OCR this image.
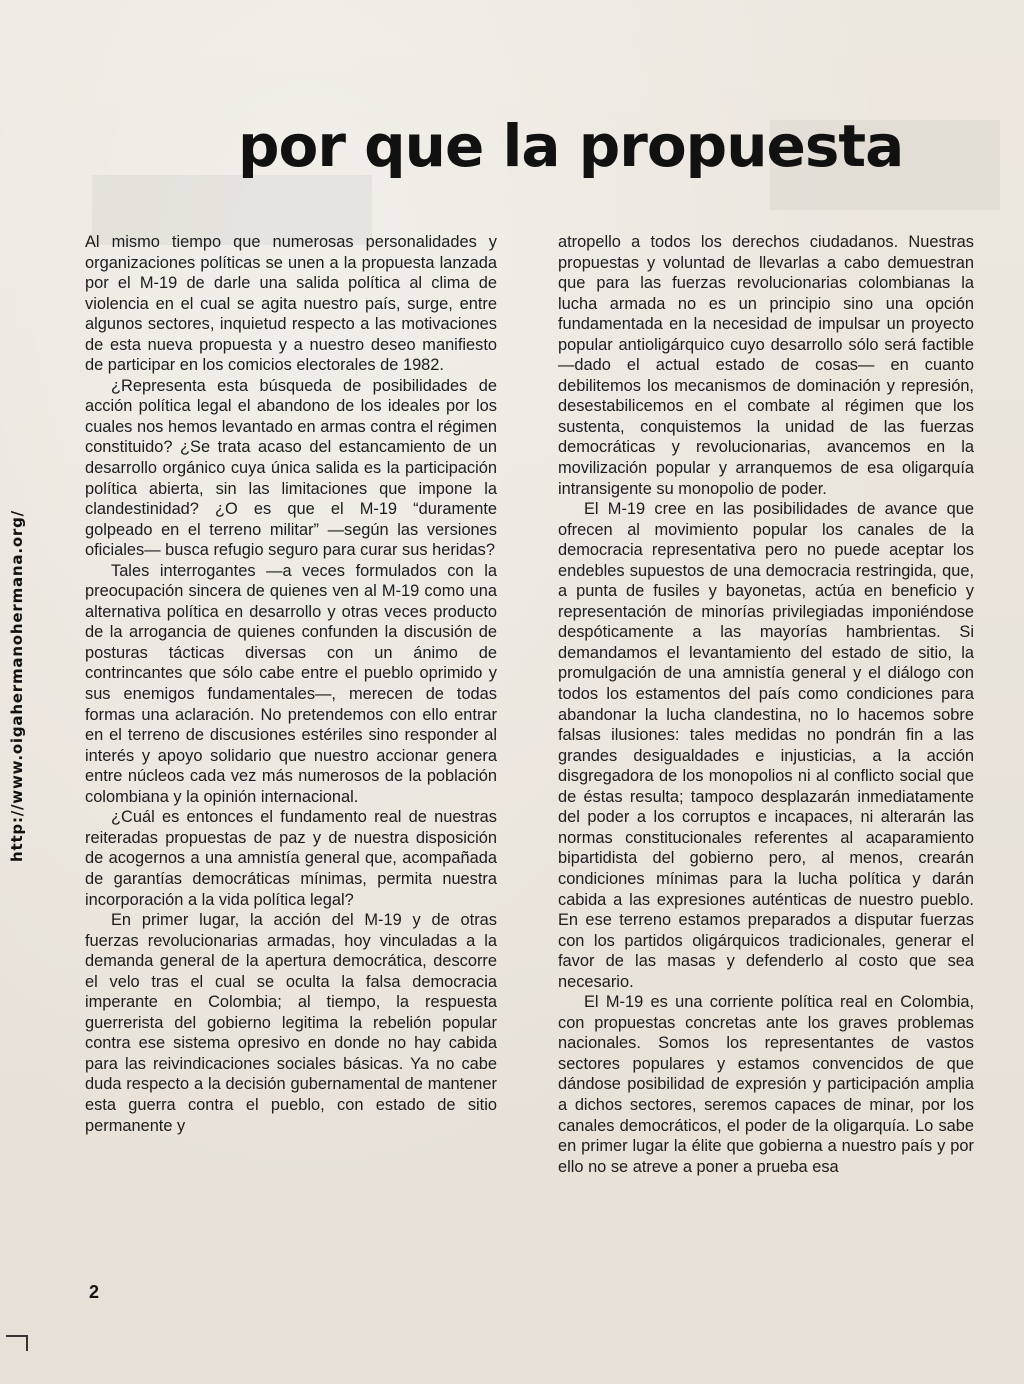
http://www.oigahermanohermana.org/
por que la propuesta

Al mismo tiempo que numerosas personalidades y organizaciones políticas se unen a la propuesta lanzada por el M-19 de darle una salida política al clima de violencia en el cual se agita nuestro país, surge, entre algunos sectores, inquietud respecto a las motivaciones de esta nueva propuesta y a nuestro deseo manifiesto de participar en los comicios electorales de 1982.

¿Representa esta búsqueda de posibilidades de acción política legal el abandono de los ideales por los cuales nos hemos levantado en armas contra el régimen constituido? ¿Se trata acaso del estancamiento de un desarrollo orgánico cuya única salida es la participación política abierta, sin las limitaciones que impone la clandestinidad? ¿O es que el M-19 “duramente golpeado en el terreno militar” —según las versiones oficiales— busca refugio seguro para curar sus heridas?

Tales interrogantes —a veces formulados con la preocupación sincera de quienes ven al M-19 como una alternativa política en desarrollo y otras veces producto de la arrogancia de quienes confunden la discusión de posturas tácticas diversas con un ánimo de contrincantes que sólo cabe entre el pueblo oprimido y sus enemigos fundamentales—, merecen de todas formas una aclaración. No pretendemos con ello entrar en el terreno de discusiones estériles sino responder al interés y apoyo solidario que nuestro accionar genera entre núcleos cada vez más numerosos de la población colombiana y la opinión internacional.

¿Cuál es entonces el fundamento real de nuestras reiteradas propuestas de paz y de nuestra disposición de acogernos a una amnistía general que, acompañada de garantías democráticas mínimas, permita nuestra incorporación a la vida política legal?

En primer lugar, la acción del M-19 y de otras fuerzas revolucionarias armadas, hoy vinculadas a la demanda general de la apertura democrática, descorre el velo tras el cual se oculta la falsa democracia imperante en Colombia; al tiempo, la respuesta guerrerista del gobierno legitima la rebelión popular contra ese sistema opresivo en donde no hay cabida para las reivindicaciones sociales básicas. Ya no cabe duda respecto a la decisión gubernamental de mantener esta guerra contra el pueblo, con estado de sitio permanente y

atropello a todos los derechos ciudadanos. Nuestras propuestas y voluntad de llevarlas a cabo demuestran que para las fuerzas revolucionarias colombianas la lucha armada no es un principio sino una opción fundamentada en la necesidad de impulsar un proyecto popular antioligárquico cuyo desarrollo sólo será factible —dado el actual estado de cosas— en cuanto debilitemos los mecanismos de dominación y represión, desestabilicemos en el combate al régimen que los sustenta, conquistemos la unidad de las fuerzas democráticas y revolucionarias, avancemos en la movilización popular y arranquemos de esa oligarquía intransigente su monopolio de poder.

El M-19 cree en las posibilidades de avance que ofrecen al movimiento popular los canales de la democracia representativa pero no puede aceptar los endebles supuestos de una democracia restringida, que, a punta de fusiles y bayonetas, actúa en beneficio y representación de minorías privilegiadas imponiéndose despóticamente a las mayorías hambrientas. Si demandamos el levantamiento del estado de sitio, la promulgación de una amnistía general y el diálogo con todos los estamentos del país como condiciones para abandonar la lucha clandestina, no lo hacemos sobre falsas ilusiones: tales medidas no pondrán fin a las grandes desigualdades e injusticias, a la acción disgregadora de los monopolios ni al conflicto social que de éstas resulta; tampoco desplazarán inmediatamente del poder a los corruptos e incapaces, ni alterarán las normas constitucionales referentes al acaparamiento bipartidista del gobierno pero, al menos, crearán condiciones mínimas para la lucha política y darán cabida a las expresiones auténticas de nuestro pueblo. En ese terreno estamos preparados a disputar fuerzas con los partidos oligárquicos tradicionales, generar el favor de las masas y defenderlo al costo que sea necesario.

El M-19 es una corriente política real en Colombia, con propuestas concretas ante los graves problemas nacionales. Somos los representantes de vastos sectores populares y estamos convencidos de que dándose posibilidad de expresión y participación amplia a dichos sectores, seremos capaces de minar, por los canales democráticos, el poder de la oligarquía. Lo sabe en primer lugar la élite que gobierna a nuestro país y por ello no se atreve a poner a prueba esa

2
